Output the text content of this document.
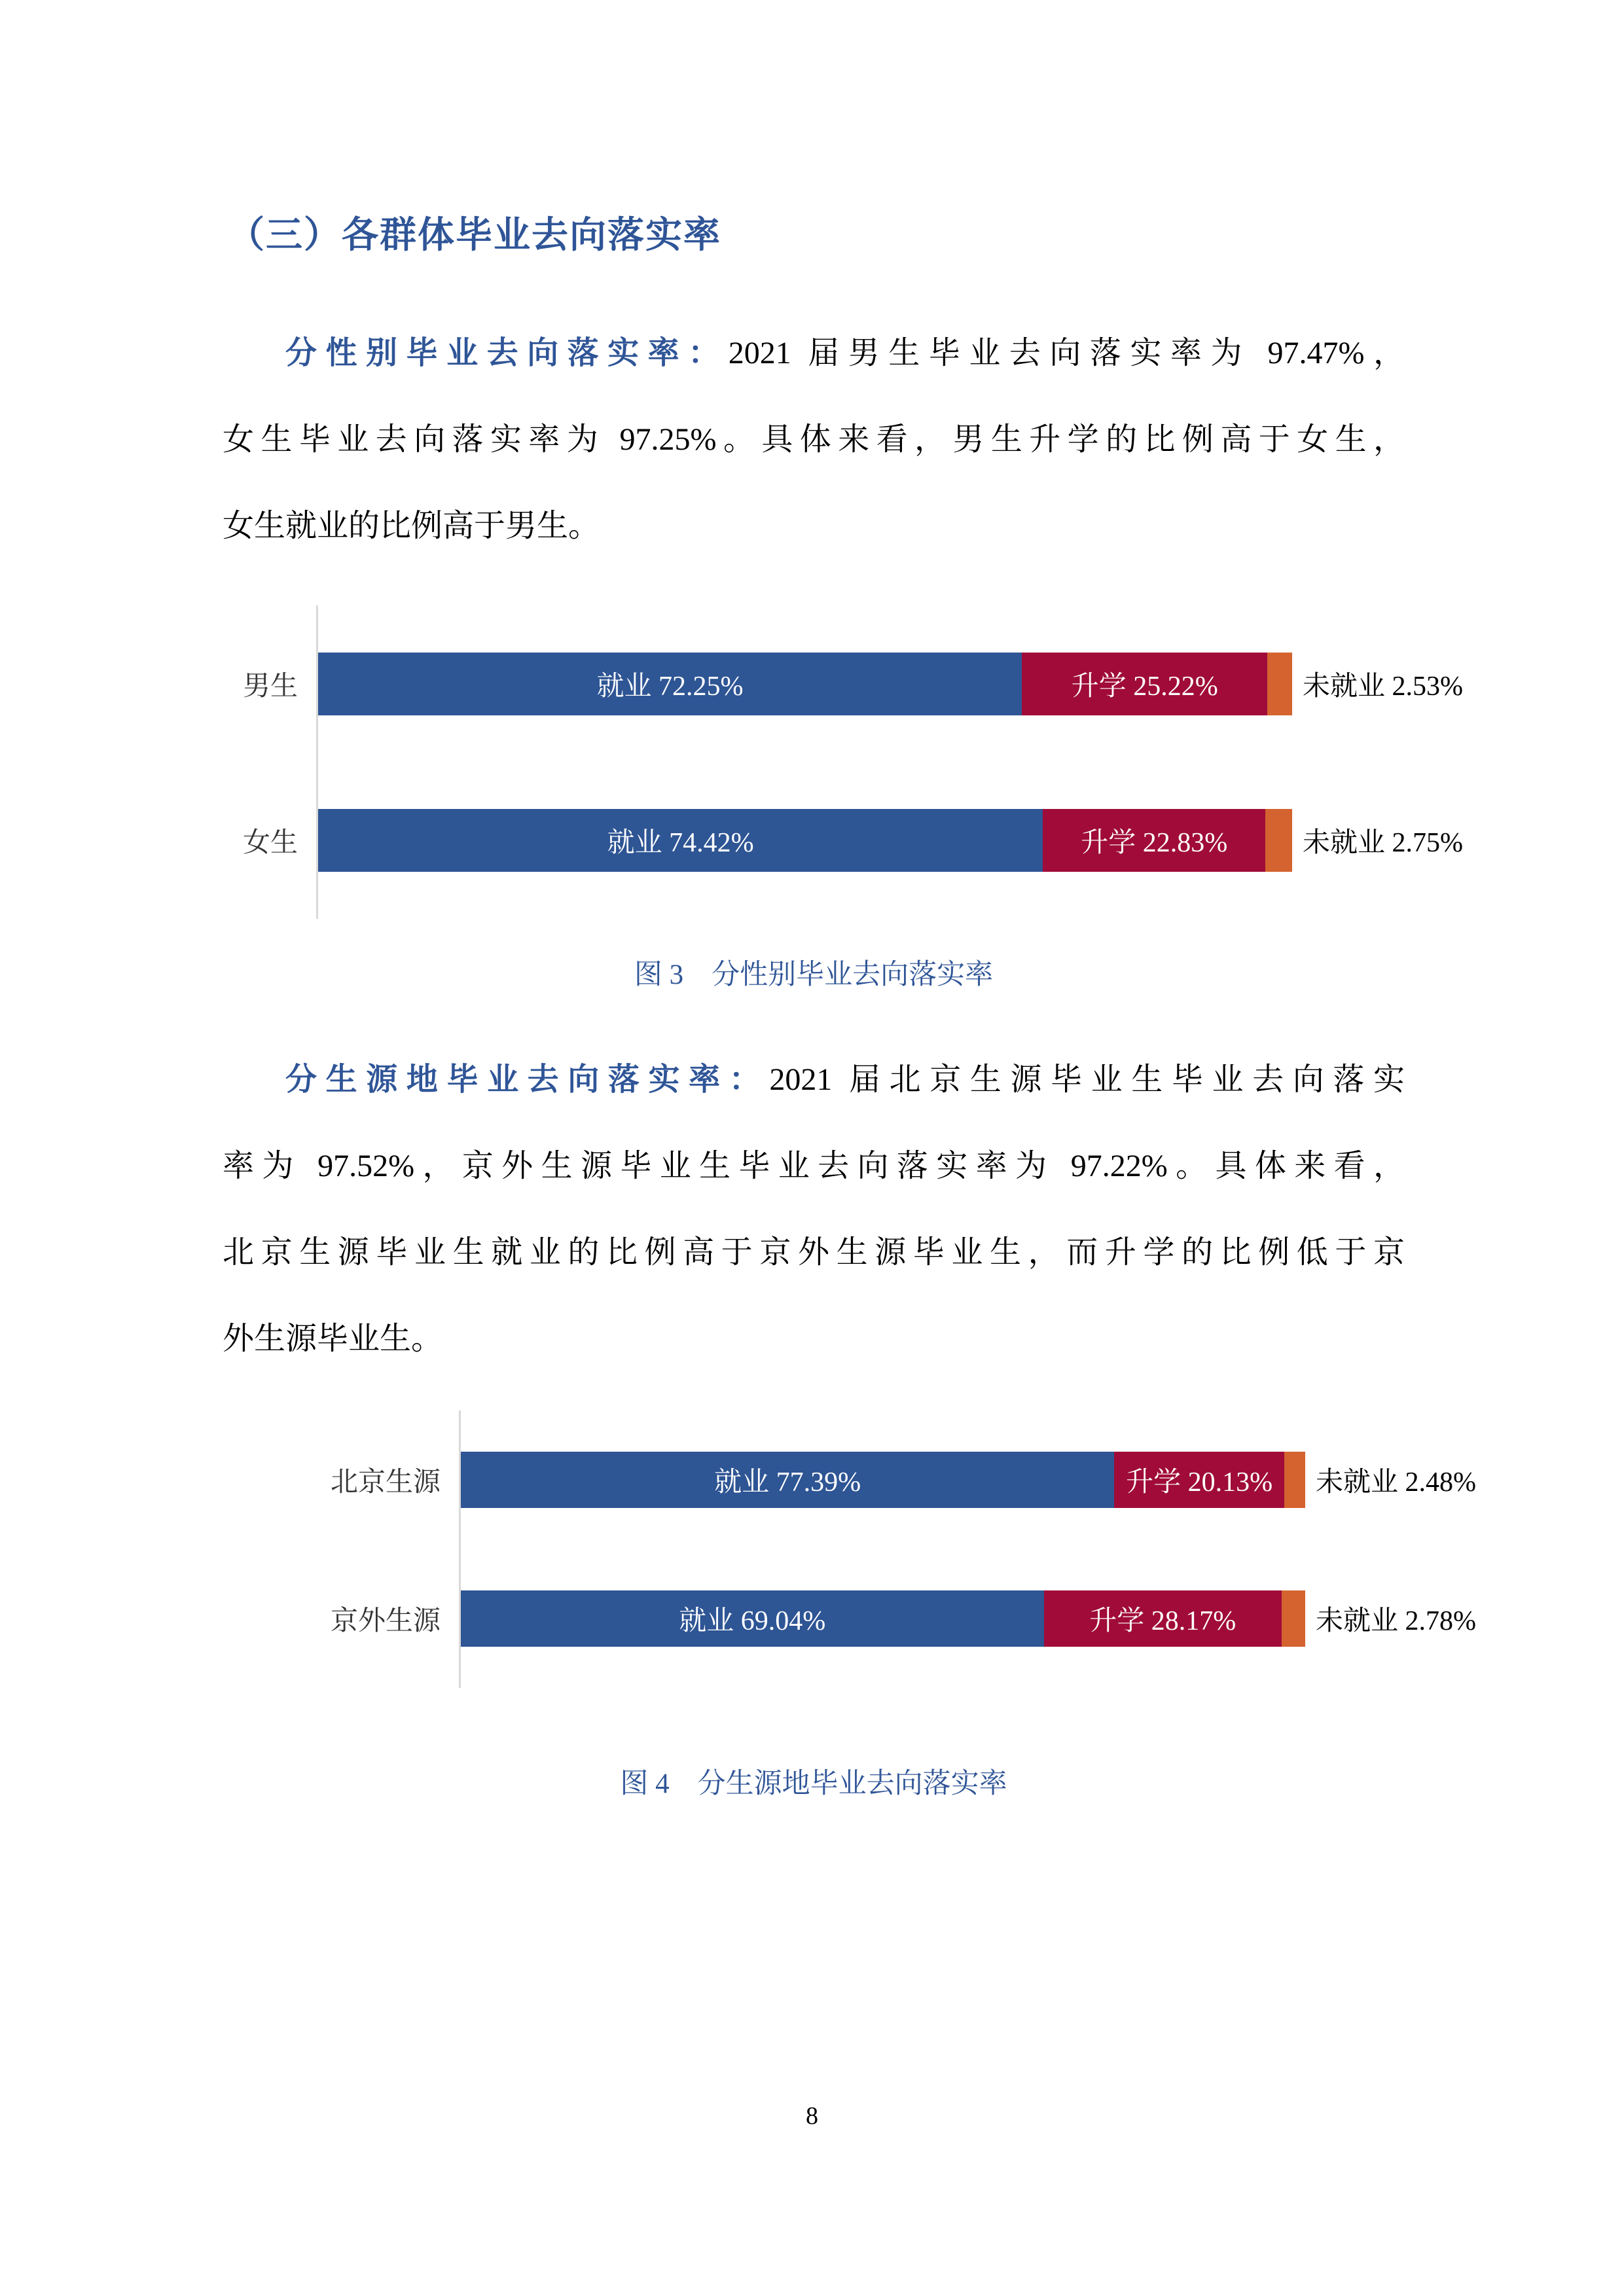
（三）各群体毕业去向落实率
分性别毕业去向落实率：2021 届男生毕业去向落实率为 97.47%，
女生毕业去向落实率为 97.25%。具体来看，男生升学的比例高于女生，
女生就业的比例高于男生。
男生	就业 72.25%	升学 25.22%	未就业 2.53%
女生	就业 74.42%	升学 22.83%	未就业 2.75%
图 3　分性别毕业去向落实率
分生源地毕业去向落实率：2021 届北京生源毕业生毕业去向落实
率为 97.52%，京外生源毕业生毕业去向落实率为 97.22%。具体来看，
北京生源毕业生就业的比例高于京外生源毕业生，而升学的比例低于京
外生源毕业生。
北京生源	就业 77.39%	升学 20.13%	未就业 2.48%
京外生源	就业 69.04%	升学 28.17%	未就业 2.78%
图 4　分生源地毕业去向落实率
8
